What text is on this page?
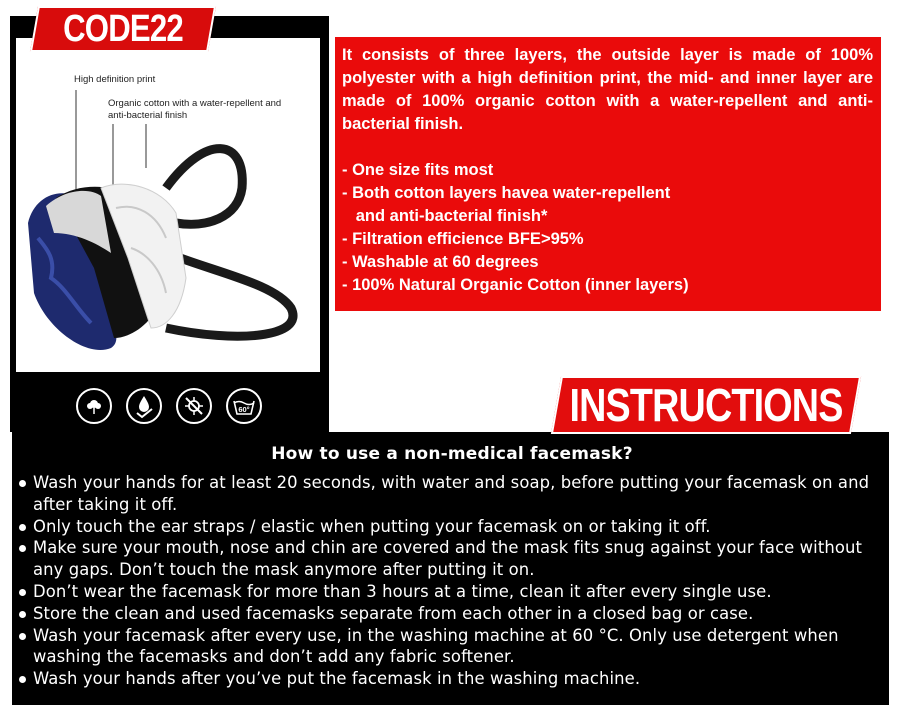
High definition print
Organic cotton with a water-repellent and anti-bacterial finish
60°
CODE22

It consists of three layers, the outside layer is made of 100% polyester with a high definition print, the mid- and inner layer are made of 100% organic cotton with a water-repellent and anti-bacterial finish.

- One size fits most
- Both cotton layers havea water-repellent
and anti-bacterial finish*
- Filtration efficience BFE>95%
- Washable at 60 degrees
- 100% Natural Organic Cotton (inner layers)
How to use a non-medical facemask?
Wash your hands for at least 20 seconds, with water and soap, before putting your facemask on and after taking it off.
Only touch the ear straps / elastic when putting your facemask on or taking it off.
Make sure your mouth, nose and chin are covered and the mask fits snug against your face without any gaps. Don’t touch the mask anymore after putting it on.
Don’t wear the facemask for more than 3 hours at a time, clean it after every single use.
Store the clean and used facemasks separate from each other in a closed bag or case.
Wash your facemask after every use, in the washing machine at 60 °C. Only use detergent when washing the facemasks and don’t add any fabric softener.
Wash your hands after you’ve put the facemask in the washing machine.
INSTRUCTIONS
